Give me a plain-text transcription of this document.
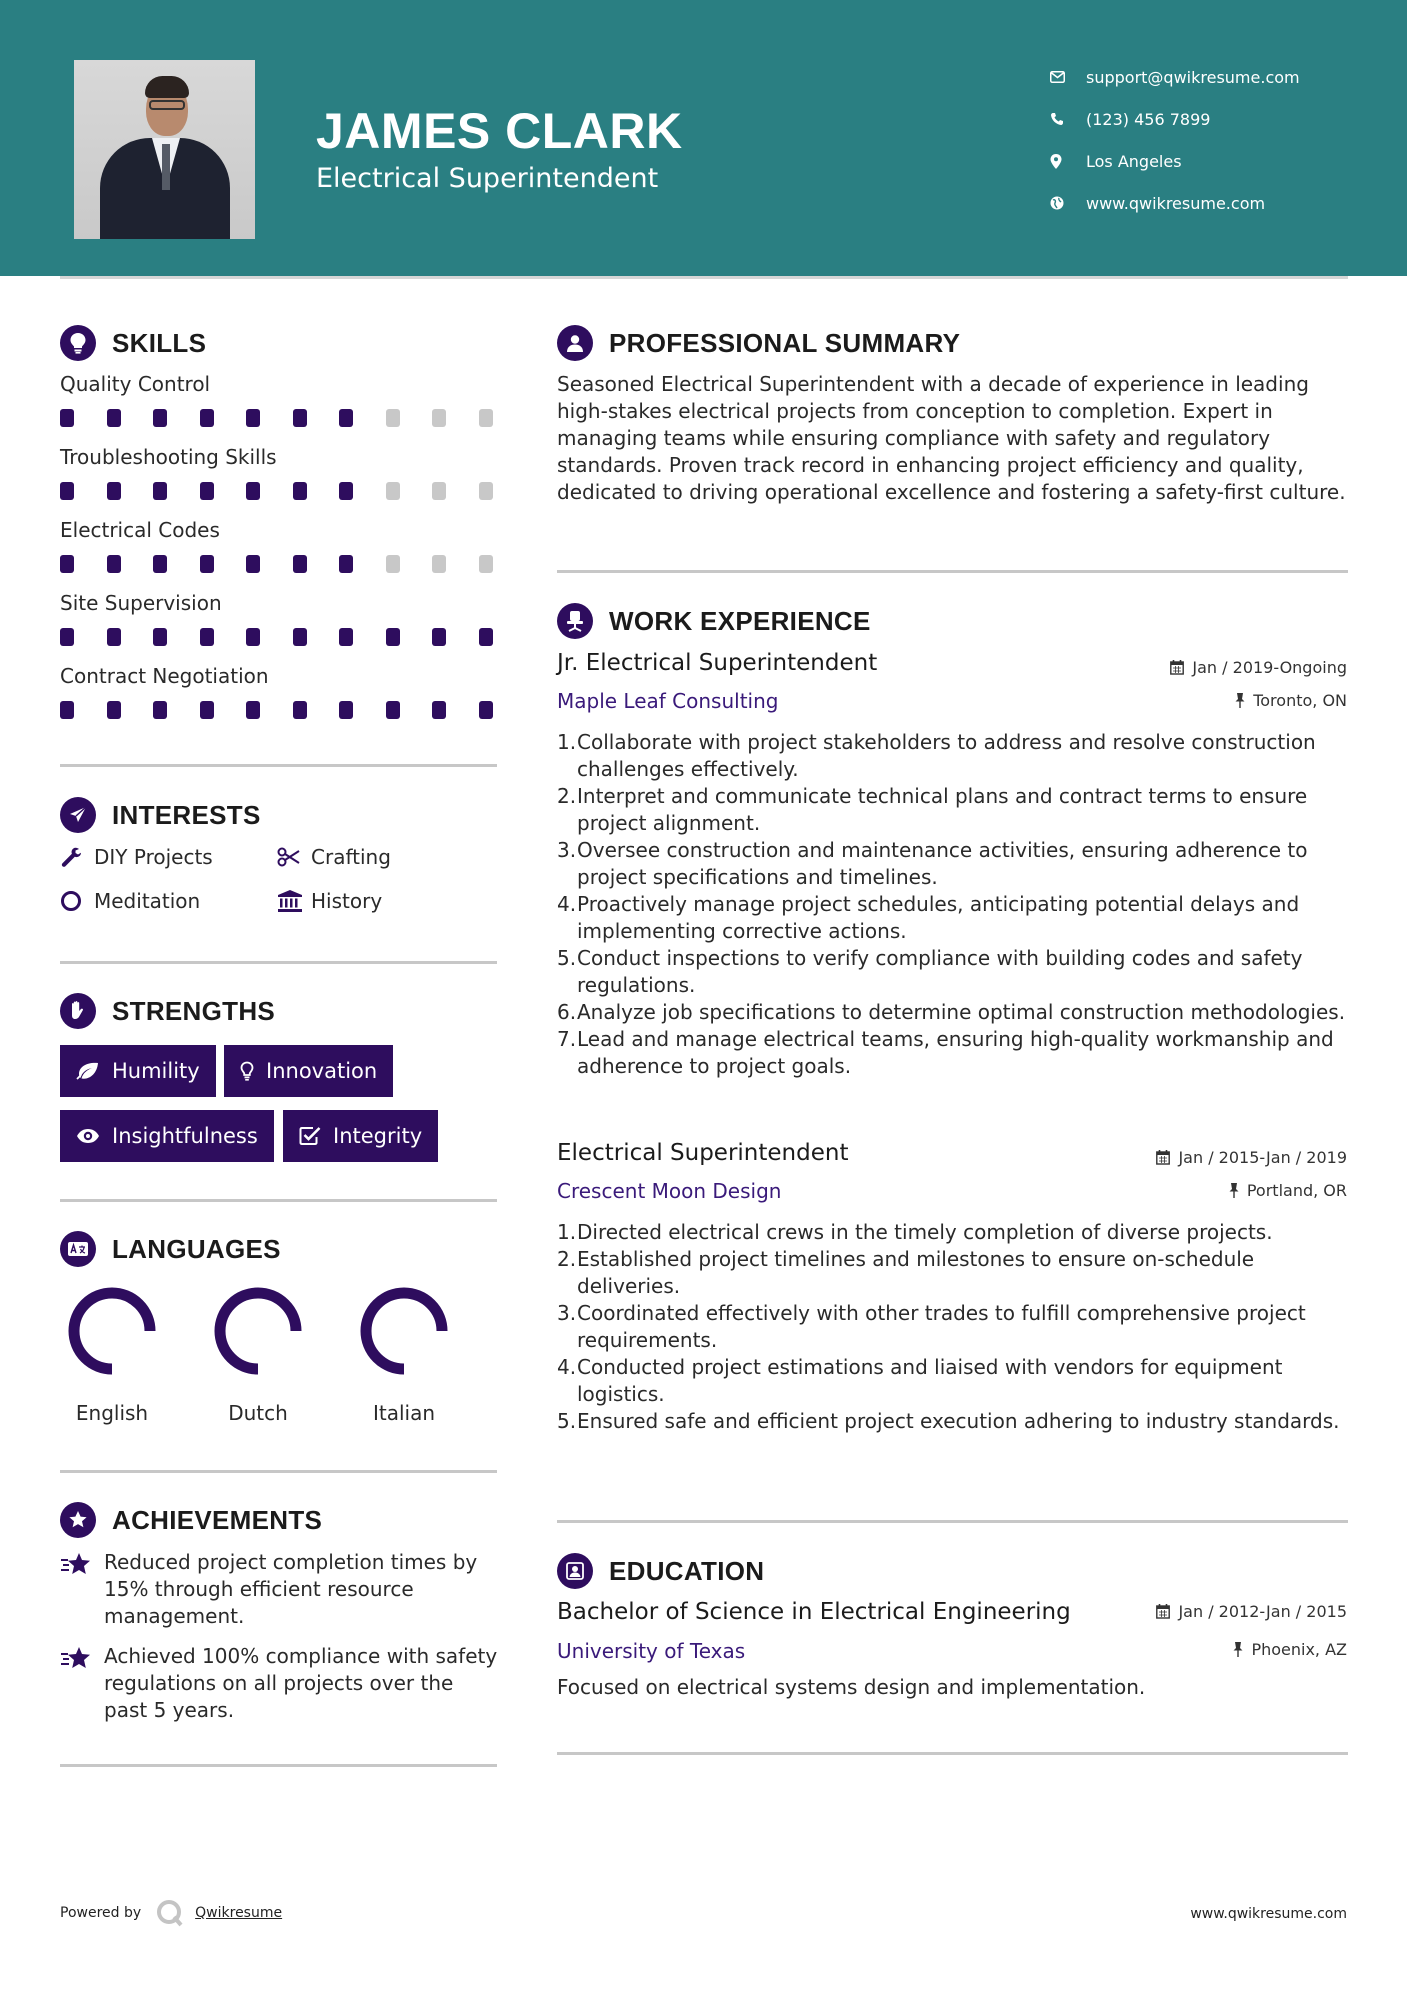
JAMES CLARK
Electrical Superintendent
support@qwikresume.com
(123) 456 7899
Los Angeles
www.qwikresume.com
SKILLS
Quality Control
Troubleshooting Skills
Electrical Codes
Site Supervision
Contract Negotiation
INTERESTS
DIY Projects	Crafting
Meditation	History
STRENGTHS
Humility	Innovation
Insightfulness	Integrity
LANGUAGES
English	Dutch	Italian
ACHIEVEMENTS
Reduced project completion times by 15% through efficient resource management.
Achieved 100% compliance with safety regulations on all projects over the past 5 years.
PROFESSIONAL SUMMARY
Seasoned Electrical Superintendent with a decade of experience in leading high-stakes electrical projects from conception to completion. Expert in managing teams while ensuring compliance with safety and regulatory standards. Proven track record in enhancing project efficiency and quality, dedicated to driving operational excellence and fostering a safety-first culture.
WORK EXPERIENCE
Jr. Electrical Superintendent	Jan / 2019-Ongoing
Maple Leaf Consulting	Toronto, ON
1. Collaborate with project stakeholders to address and resolve construction challenges effectively.
2. Interpret and communicate technical plans and contract terms to ensure project alignment.
3. Oversee construction and maintenance activities, ensuring adherence to project specifications and timelines.
4. Proactively manage project schedules, anticipating potential delays and implementing corrective actions.
5. Conduct inspections to verify compliance with building codes and safety regulations.
6. Analyze job specifications to determine optimal construction methodologies.
7. Lead and manage electrical teams, ensuring high-quality workmanship and adherence to project goals.
Electrical Superintendent	Jan / 2015-Jan / 2019
Crescent Moon Design	Portland, OR
1. Directed electrical crews in the timely completion of diverse projects.
2. Established project timelines and milestones to ensure on-schedule deliveries.
3. Coordinated effectively with other trades to fulfill comprehensive project requirements.
4. Conducted project estimations and liaised with vendors for equipment logistics.
5. Ensured safe and efficient project execution adhering to industry standards.
EDUCATION
Bachelor of Science in Electrical Engineering	Jan / 2012-Jan / 2015
University of Texas	Phoenix, AZ
Focused on electrical systems design and implementation.
Powered by	Qwikresume	www.qwikresume.com
